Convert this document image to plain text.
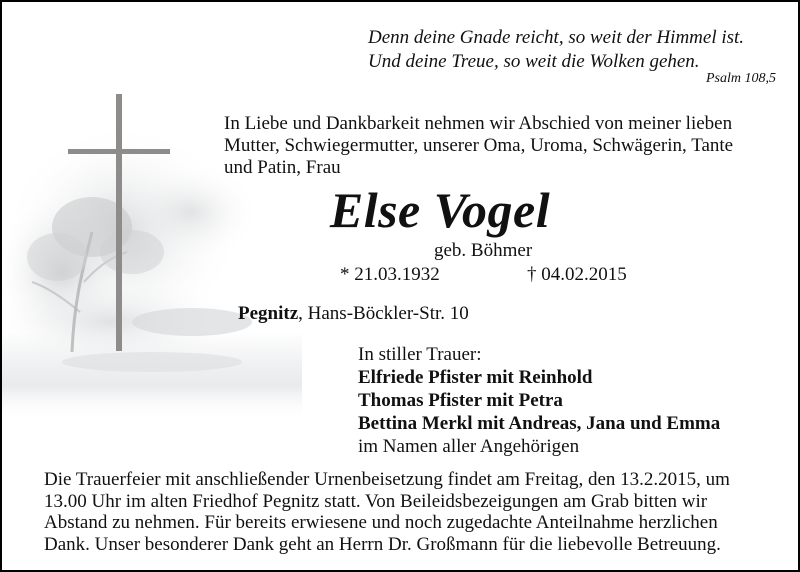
Denn deine Gnade reicht, so weit der Himmel ist.
Und deine Treue, so weit die Wolken gehen.
Psalm 108,5
In Liebe und Dankbarkeit nehmen wir Abschied von meiner lieben
Mutter, Schwiegermutter, unserer Oma, Uroma, Schwägerin, Tante
und Patin, Frau
Else Vogel
geb. Böhmer
* 21.03.1932	† 04.02.2015
Pegnitz, Hans-Böckler-Str. 10
In stiller Trauer:
Elfriede Pfister mit Reinhold
Thomas Pfister mit Petra
Bettina Merkl mit Andreas, Jana und Emma
im Namen aller Angehörigen
Die Trauerfeier mit anschließender Urnenbeisetzung findet am Freitag, den 13.2.2015, um
13.00 Uhr im alten Friedhof Pegnitz statt. Von Beileidsbezeigungen am Grab bitten wir
Abstand zu nehmen. Für bereits erwiesene und noch zugedachte Anteilnahme herzlichen
Dank. Unser besonderer Dank geht an Herrn Dr. Großmann für die liebevolle Betreuung.
